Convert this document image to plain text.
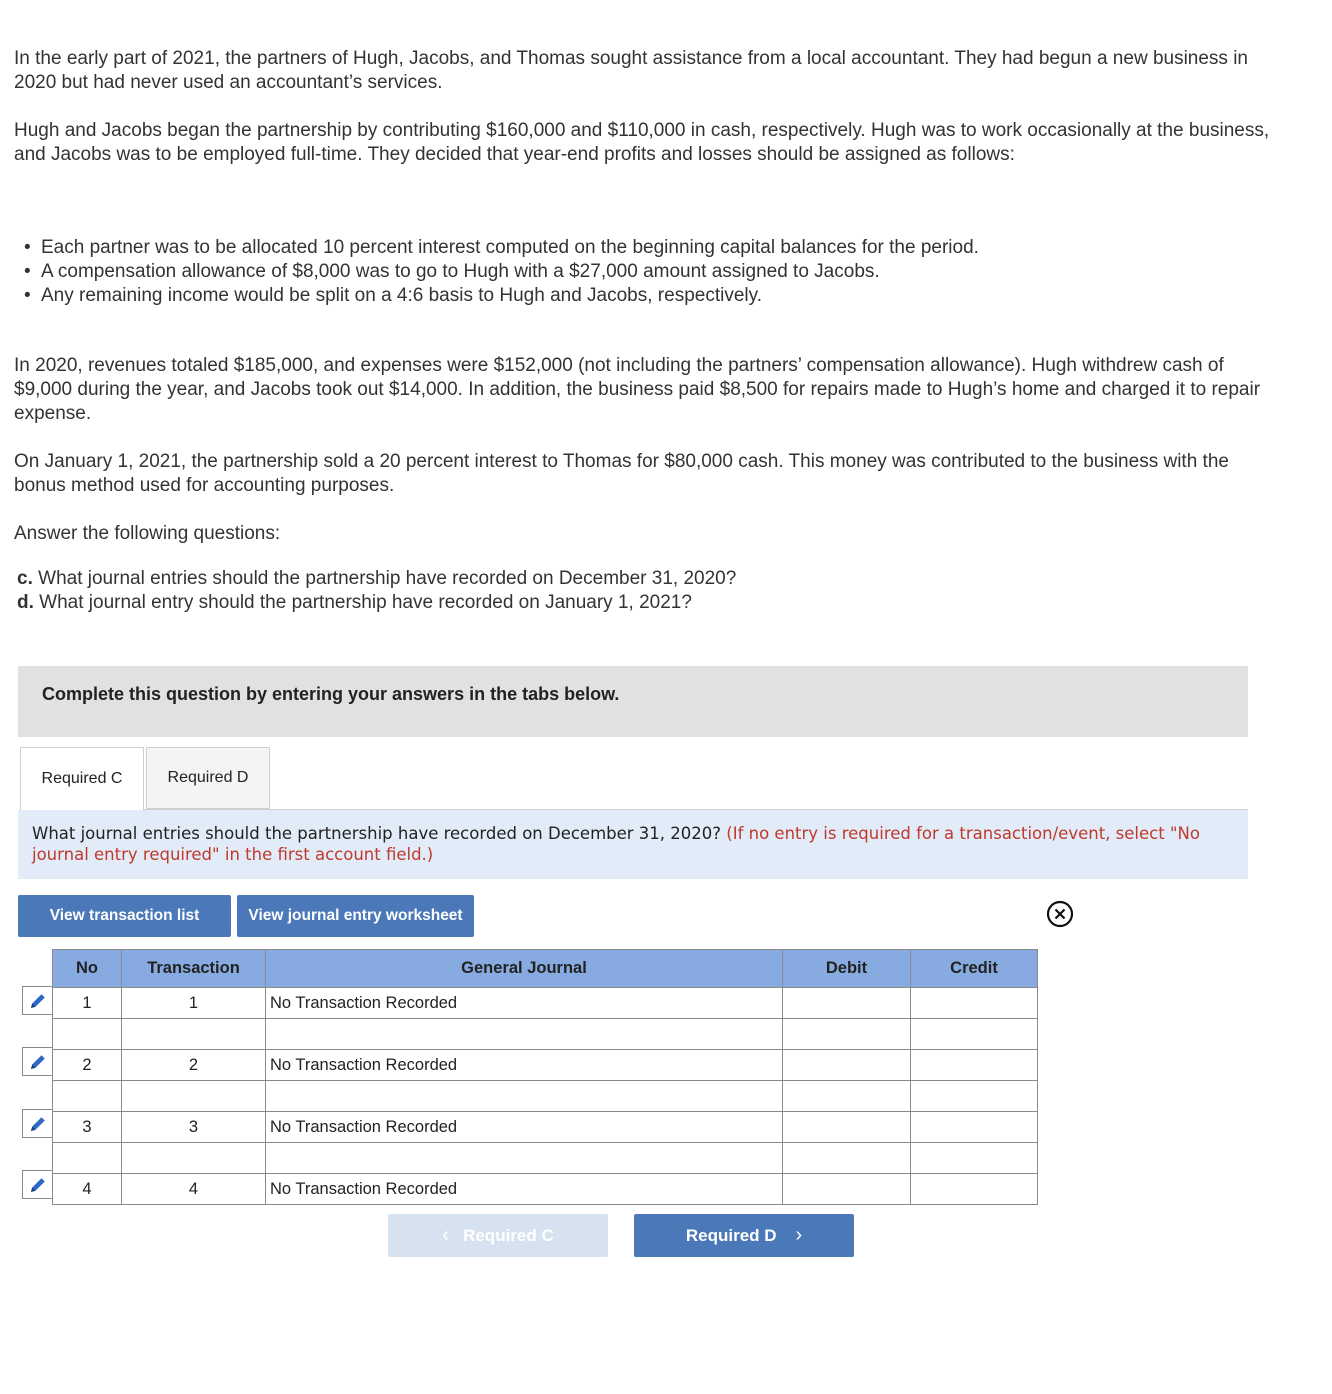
In the early part of 2021, the partners of Hugh, Jacobs, and Thomas sought assistance from a local accountant. They had begun a new business in 2020 but had never used an accountant’s services.

Hugh and Jacobs began the partnership by contributing $160,000 and $110,000 in cash, respectively. Hugh was to work occasionally at the business, and Jacobs was to be employed full-time. They decided that year-end profits and losses should be assigned as follows:

• Each partner was to be allocated 10 percent interest computed on the beginning capital balances for the period.
• A compensation allowance of $8,000 was to go to Hugh with a $27,000 amount assigned to Jacobs.
• Any remaining income would be split on a 4:6 basis to Hugh and Jacobs, respectively.

In 2020, revenues totaled $185,000, and expenses were $152,000 (not including the partners’ compensation allowance). Hugh withdrew cash of $9,000 during the year, and Jacobs took out $14,000. In addition, the business paid $8,500 for repairs made to Hugh’s home and charged it to repair expense.

On January 1, 2021, the partnership sold a 20 percent interest to Thomas for $80,000 cash. This money was contributed to the business with the bonus method used for accounting purposes.

Answer the following questions:

c. What journal entries should the partnership have recorded on December 31, 2020?
d. What journal entry should the partnership have recorded on January 1, 2021?
Complete this question by entering your answers in the tabs below.
Required C	Required D
What journal entries should the partnership have recorded on December 31, 2020? (If no entry is required for a transaction/event, select "No journal entry required" in the first account field.)
View transaction list	View journal entry worksheet
No	Transaction	General Journal	Debit	Credit
1	1	No Transaction Recorded		

2	2	No Transaction Recorded		

3	3	No Transaction Recorded		

4	4	No Transaction Recorded		
‹
Required C	Required D
›
